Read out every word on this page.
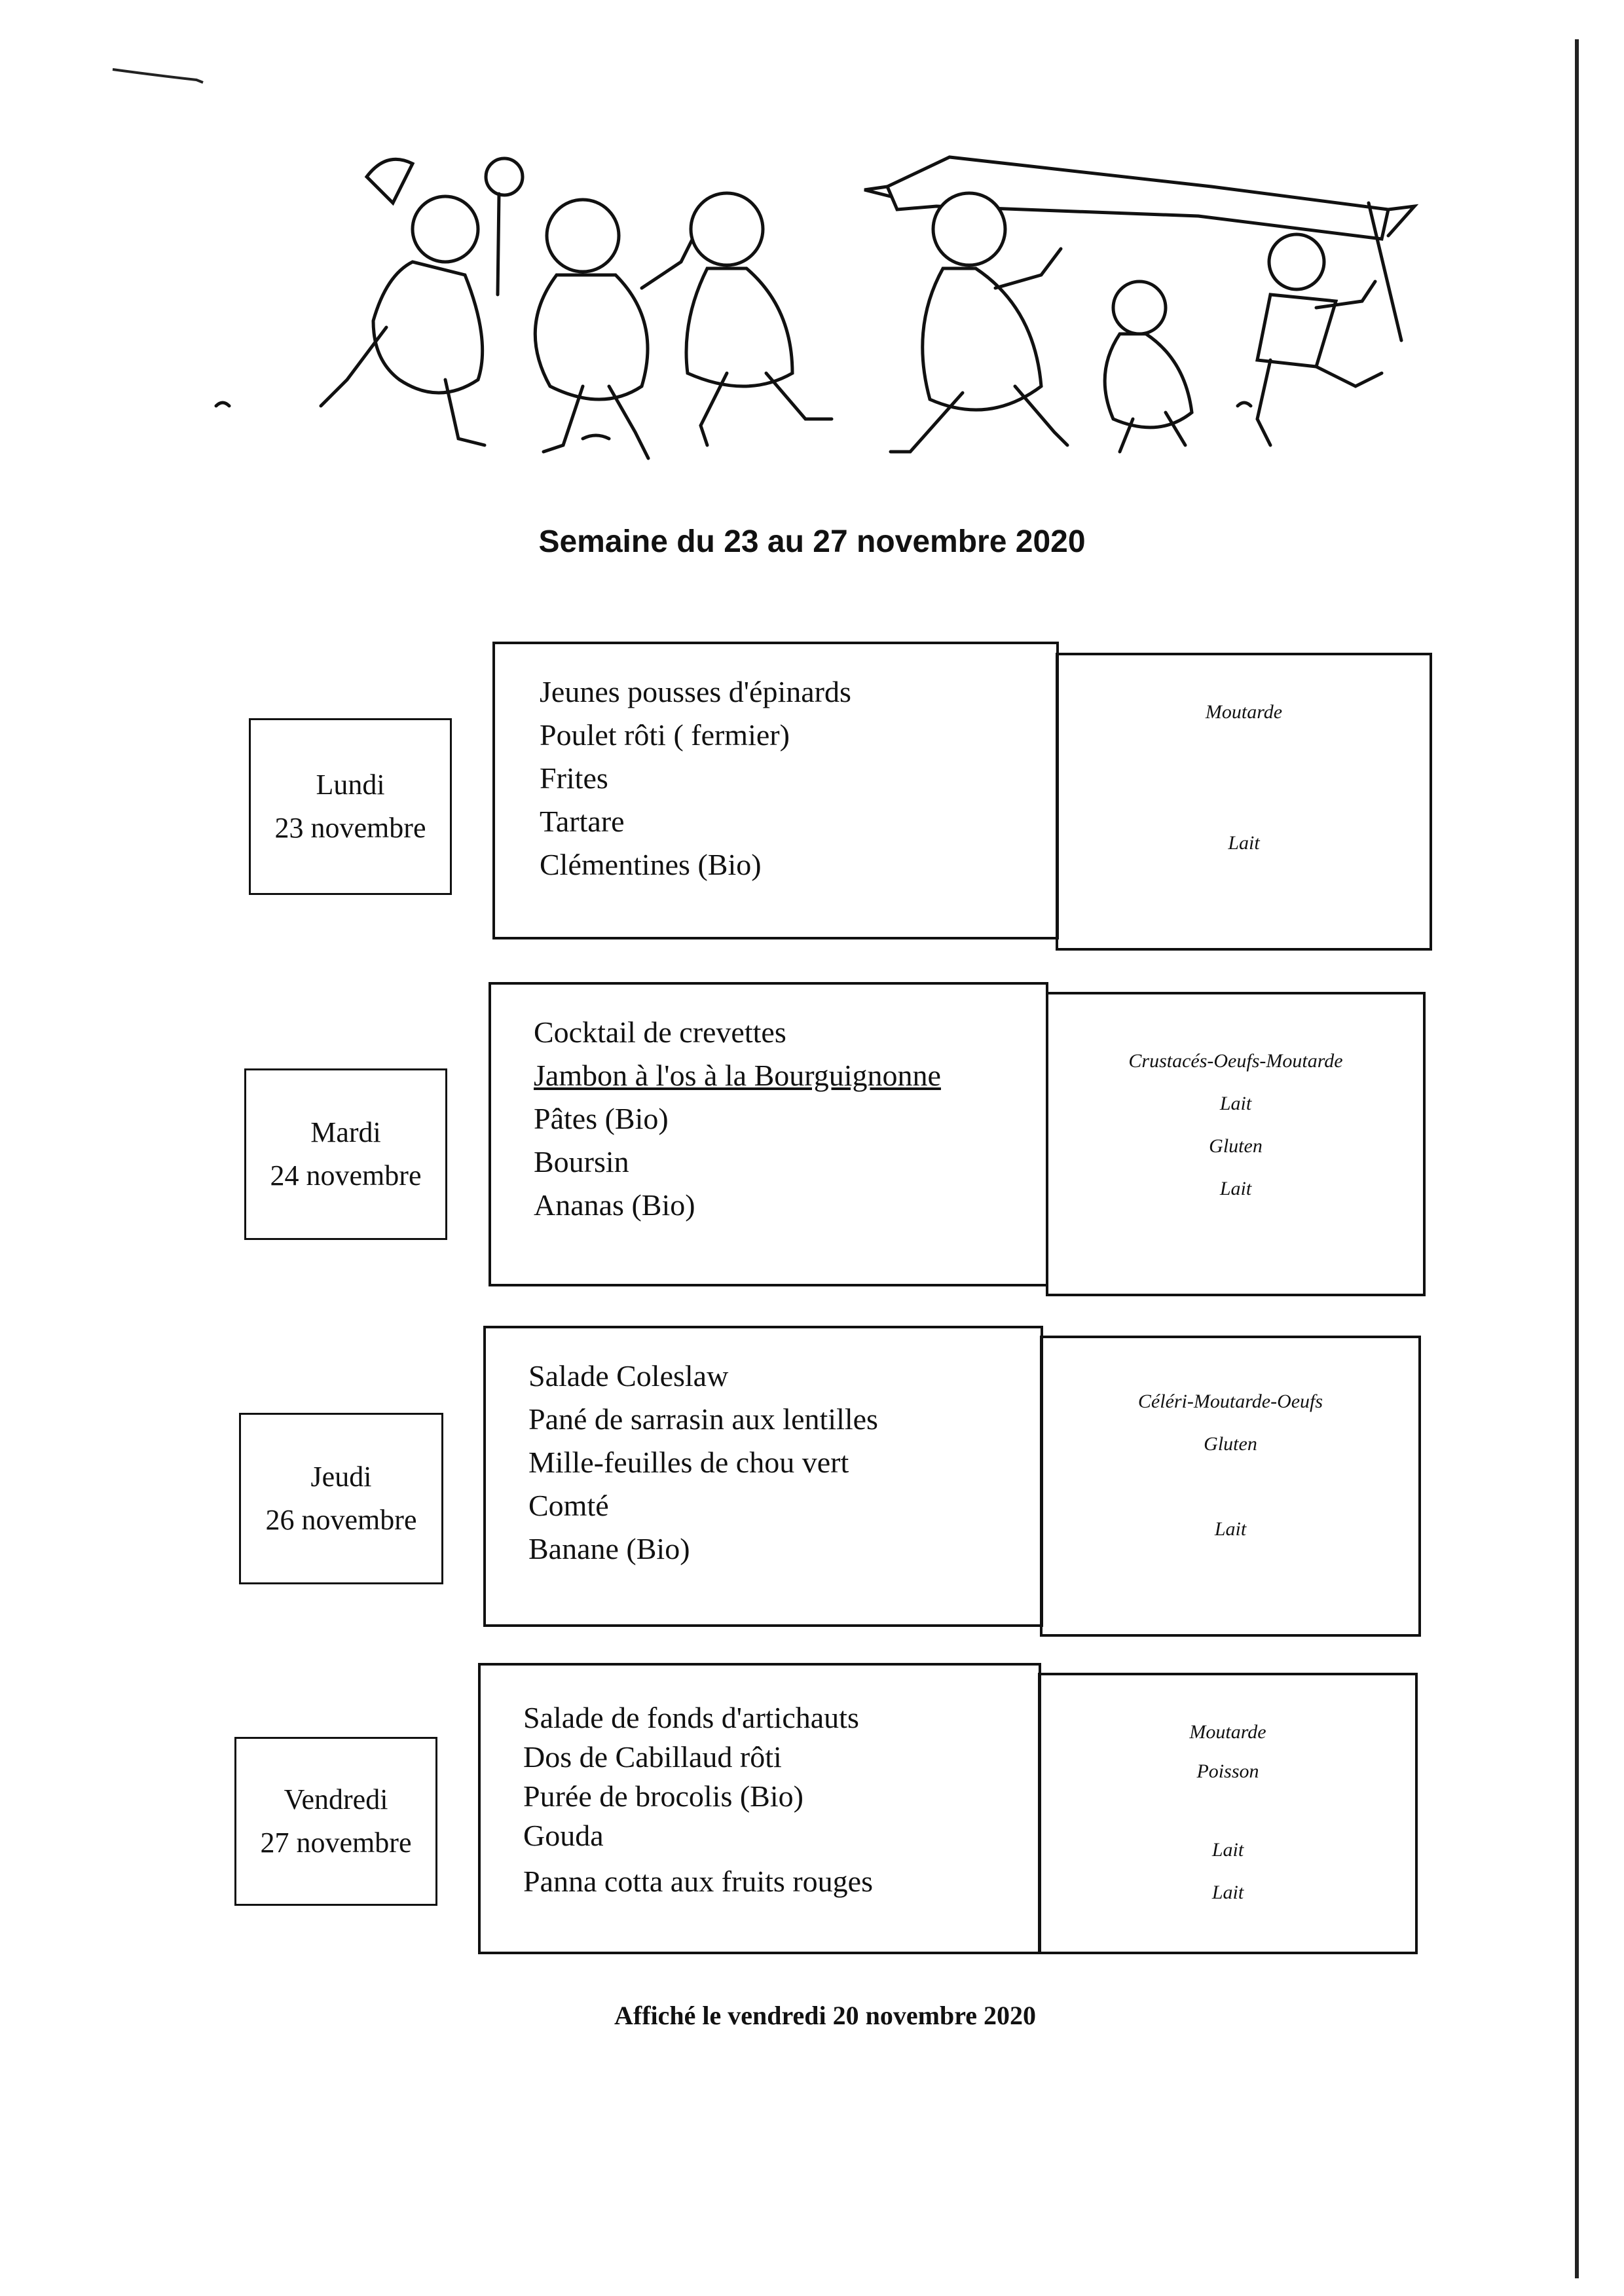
Semaine du 23 au 27 novembre 2020
Lundi
23 novembre
Jeunes pousses d'épinards
Poulet rôti ( fermier)
Frites
Tartare
Clémentines (Bio)
Moutarde
Lait
Mardi
24 novembre
Cocktail de crevettes
Jambon à l'os à la Bourguignonne
Pâtes (Bio)
Boursin
Ananas (Bio)
Crustacés-Oeufs-Moutarde
Lait
Gluten
Lait
Jeudi
26 novembre
Salade Coleslaw
Pané de sarrasin aux lentilles
Mille-feuilles de chou vert
Comté
Banane (Bio)
Céléri-Moutarde-Oeufs
Gluten
Lait
Vendredi
27 novembre
Salade de fonds d'artichauts
Dos de Cabillaud rôti
Purée de brocolis (Bio)
Gouda
Panna cotta aux fruits rouges
Moutarde
Poisson
Lait
Lait
Affiché le vendredi 20 novembre 2020
